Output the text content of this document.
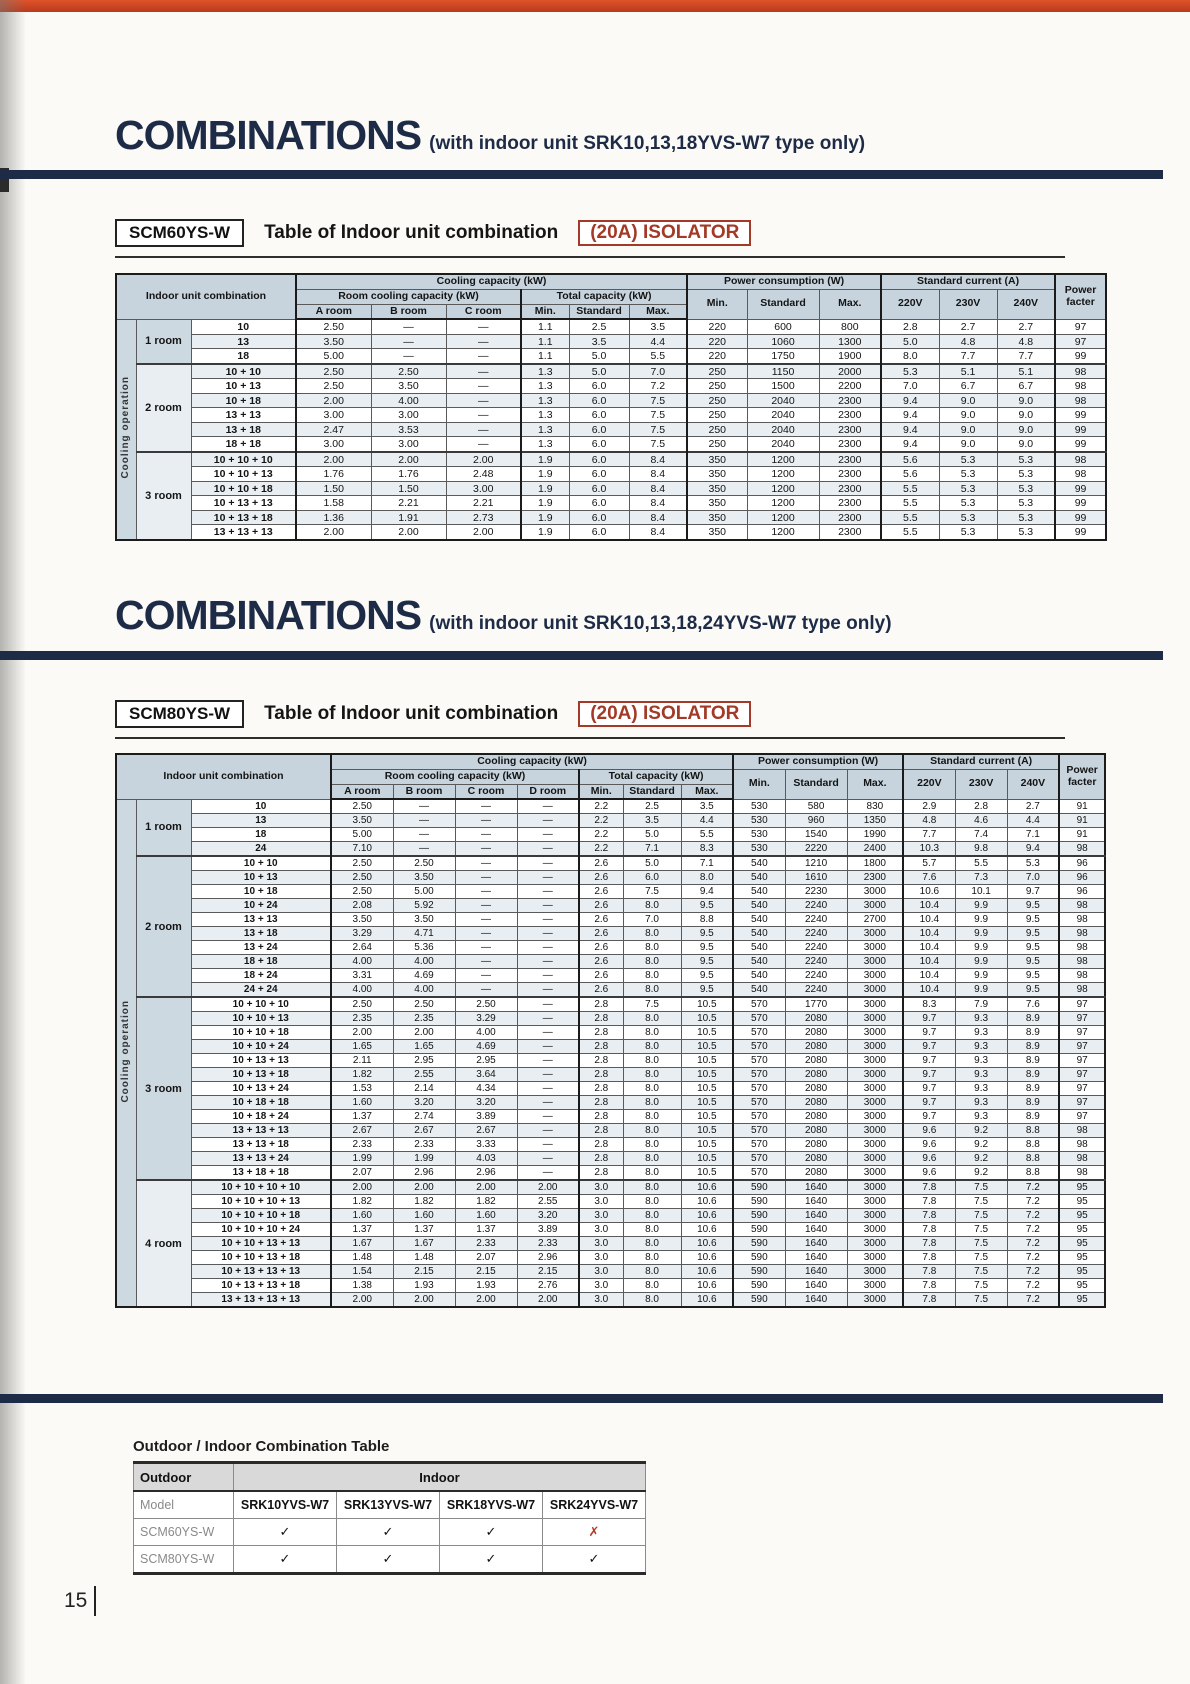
COMBINATIONS (with indoor unit SRK10,13,18YVS-W7 type only)
SCM60YS-W	Table of Indoor unit combination	(20A) ISOLATOR
Indoor unit combination			Cooling capacity (kW)						Power consumption (W)			Standard current (A)			Power facter
			Room cooling capacity (kW)			Total capacity (kW)			Min.	Standard	Max.	220V	230V	240V	
			A room	B room	C room	Min.	Standard	Max.							
Cooling operation	1 room	10	2.50	—	—	1.1	2.5	3.5	220	600	800	2.8	2.7	2.7	97
		13	3.50	—	—	1.1	3.5	4.4	220	1060	1300	5.0	4.8	4.8	97
		18	5.00	—	—	1.1	5.0	5.5	220	1750	1900	8.0	7.7	7.7	99
	2 room	10 + 10	2.50	2.50	—	1.3	5.0	7.0	250	1150	2000	5.3	5.1	5.1	98
		10 + 13	2.50	3.50	—	1.3	6.0	7.2	250	1500	2200	7.0	6.7	6.7	98
		10 + 18	2.00	4.00	—	1.3	6.0	7.5	250	2040	2300	9.4	9.0	9.0	98
		13 + 13	3.00	3.00	—	1.3	6.0	7.5	250	2040	2300	9.4	9.0	9.0	99
		13 + 18	2.47	3.53	—	1.3	6.0	7.5	250	2040	2300	9.4	9.0	9.0	99
		18 + 18	3.00	3.00	—	1.3	6.0	7.5	250	2040	2300	9.4	9.0	9.0	99
	3 room	10 + 10 + 10	2.00	2.00	2.00	1.9	6.0	8.4	350	1200	2300	5.6	5.3	5.3	98
		10 + 10 + 13	1.76	1.76	2.48	1.9	6.0	8.4	350	1200	2300	5.6	5.3	5.3	98
		10 + 10 + 18	1.50	1.50	3.00	1.9	6.0	8.4	350	1200	2300	5.5	5.3	5.3	99
		10 + 13 + 13	1.58	2.21	2.21	1.9	6.0	8.4	350	1200	2300	5.5	5.3	5.3	99
		10 + 13 + 18	1.36	1.91	2.73	1.9	6.0	8.4	350	1200	2300	5.5	5.3	5.3	99
		13 + 13 + 13	2.00	2.00	2.00	1.9	6.0	8.4	350	1200	2300	5.5	5.3	5.3	99
COMBINATIONS (with indoor unit SRK10,13,18,24YVS-W7 type only)
SCM80YS-W	Table of Indoor unit combination	(20A) ISOLATOR
Indoor unit combination			Cooling capacity (kW)							Power consumption (W)			Standard current (A)			Power facter
			Room cooling capacity (kW)				Total capacity (kW)			Min.	Standard	Max.	220V	230V	240V	
			A room	B room	C room	D room	Min.	Standard	Max.							
Cooling operation	1 room	10	2.50	—	—	—	2.2	2.5	3.5	530	580	830	2.9	2.8	2.7	91
		13	3.50	—	—	—	2.2	3.5	4.4	530	960	1350	4.8	4.6	4.4	91
		18	5.00	—	—	—	2.2	5.0	5.5	530	1540	1990	7.7	7.4	7.1	91
		24	7.10	—	—	—	2.2	7.1	8.3	530	2220	2400	10.3	9.8	9.4	98
	2 room	10 + 10	2.50	2.50	—	—	2.6	5.0	7.1	540	1210	1800	5.7	5.5	5.3	96
		10 + 13	2.50	3.50	—	—	2.6	6.0	8.0	540	1610	2300	7.6	7.3	7.0	96
		10 + 18	2.50	5.00	—	—	2.6	7.5	9.4	540	2230	3000	10.6	10.1	9.7	96
		10 + 24	2.08	5.92	—	—	2.6	8.0	9.5	540	2240	3000	10.4	9.9	9.5	98
		13 + 13	3.50	3.50	—	—	2.6	7.0	8.8	540	2240	2700	10.4	9.9	9.5	98
		13 + 18	3.29	4.71	—	—	2.6	8.0	9.5	540	2240	3000	10.4	9.9	9.5	98
		13 + 24	2.64	5.36	—	—	2.6	8.0	9.5	540	2240	3000	10.4	9.9	9.5	98
		18 + 18	4.00	4.00	—	—	2.6	8.0	9.5	540	2240	3000	10.4	9.9	9.5	98
		18 + 24	3.31	4.69	—	—	2.6	8.0	9.5	540	2240	3000	10.4	9.9	9.5	98
		24 + 24	4.00	4.00	—	—	2.6	8.0	9.5	540	2240	3000	10.4	9.9	9.5	98
	3 room	10 + 10 + 10	2.50	2.50	2.50	—	2.8	7.5	10.5	570	1770	3000	8.3	7.9	7.6	97
		10 + 10 + 13	2.35	2.35	3.29	—	2.8	8.0	10.5	570	2080	3000	9.7	9.3	8.9	97
		10 + 10 + 18	2.00	2.00	4.00	—	2.8	8.0	10.5	570	2080	3000	9.7	9.3	8.9	97
		10 + 10 + 24	1.65	1.65	4.69	—	2.8	8.0	10.5	570	2080	3000	9.7	9.3	8.9	97
		10 + 13 + 13	2.11	2.95	2.95	—	2.8	8.0	10.5	570	2080	3000	9.7	9.3	8.9	97
		10 + 13 + 18	1.82	2.55	3.64	—	2.8	8.0	10.5	570	2080	3000	9.7	9.3	8.9	97
		10 + 13 + 24	1.53	2.14	4.34	—	2.8	8.0	10.5	570	2080	3000	9.7	9.3	8.9	97
		10 + 18 + 18	1.60	3.20	3.20	—	2.8	8.0	10.5	570	2080	3000	9.7	9.3	8.9	97
		10 + 18 + 24	1.37	2.74	3.89	—	2.8	8.0	10.5	570	2080	3000	9.7	9.3	8.9	97
		13 + 13 + 13	2.67	2.67	2.67	—	2.8	8.0	10.5	570	2080	3000	9.6	9.2	8.8	98
		13 + 13 + 18	2.33	2.33	3.33	—	2.8	8.0	10.5	570	2080	3000	9.6	9.2	8.8	98
		13 + 13 + 24	1.99	1.99	4.03	—	2.8	8.0	10.5	570	2080	3000	9.6	9.2	8.8	98
		13 + 18 + 18	2.07	2.96	2.96	—	2.8	8.0	10.5	570	2080	3000	9.6	9.2	8.8	98
	4 room	10 + 10 + 10 + 10	2.00	2.00	2.00	2.00	3.0	8.0	10.6	590	1640	3000	7.8	7.5	7.2	95
		10 + 10 + 10 + 13	1.82	1.82	1.82	2.55	3.0	8.0	10.6	590	1640	3000	7.8	7.5	7.2	95
		10 + 10 + 10 + 18	1.60	1.60	1.60	3.20	3.0	8.0	10.6	590	1640	3000	7.8	7.5	7.2	95
		10 + 10 + 10 + 24	1.37	1.37	1.37	3.89	3.0	8.0	10.6	590	1640	3000	7.8	7.5	7.2	95
		10 + 10 + 13 + 13	1.67	1.67	2.33	2.33	3.0	8.0	10.6	590	1640	3000	7.8	7.5	7.2	95
		10 + 10 + 13 + 18	1.48	1.48	2.07	2.96	3.0	8.0	10.6	590	1640	3000	7.8	7.5	7.2	95
		10 + 13 + 13 + 13	1.54	2.15	2.15	2.15	3.0	8.0	10.6	590	1640	3000	7.8	7.5	7.2	95
		10 + 13 + 13 + 18	1.38	1.93	1.93	2.76	3.0	8.0	10.6	590	1640	3000	7.8	7.5	7.2	95
		13 + 13 + 13 + 13	2.00	2.00	2.00	2.00	3.0	8.0	10.6	590	1640	3000	7.8	7.5	7.2	95
Outdoor / Indoor Combination Table
Outdoor	Indoor			
Model	SRK10YVS-W7	SRK13YVS-W7	SRK18YVS-W7	SRK24YVS-W7
SCM60YS-W	✓	✓	✓	✗
SCM80YS-W	✓	✓	✓	✓
15
